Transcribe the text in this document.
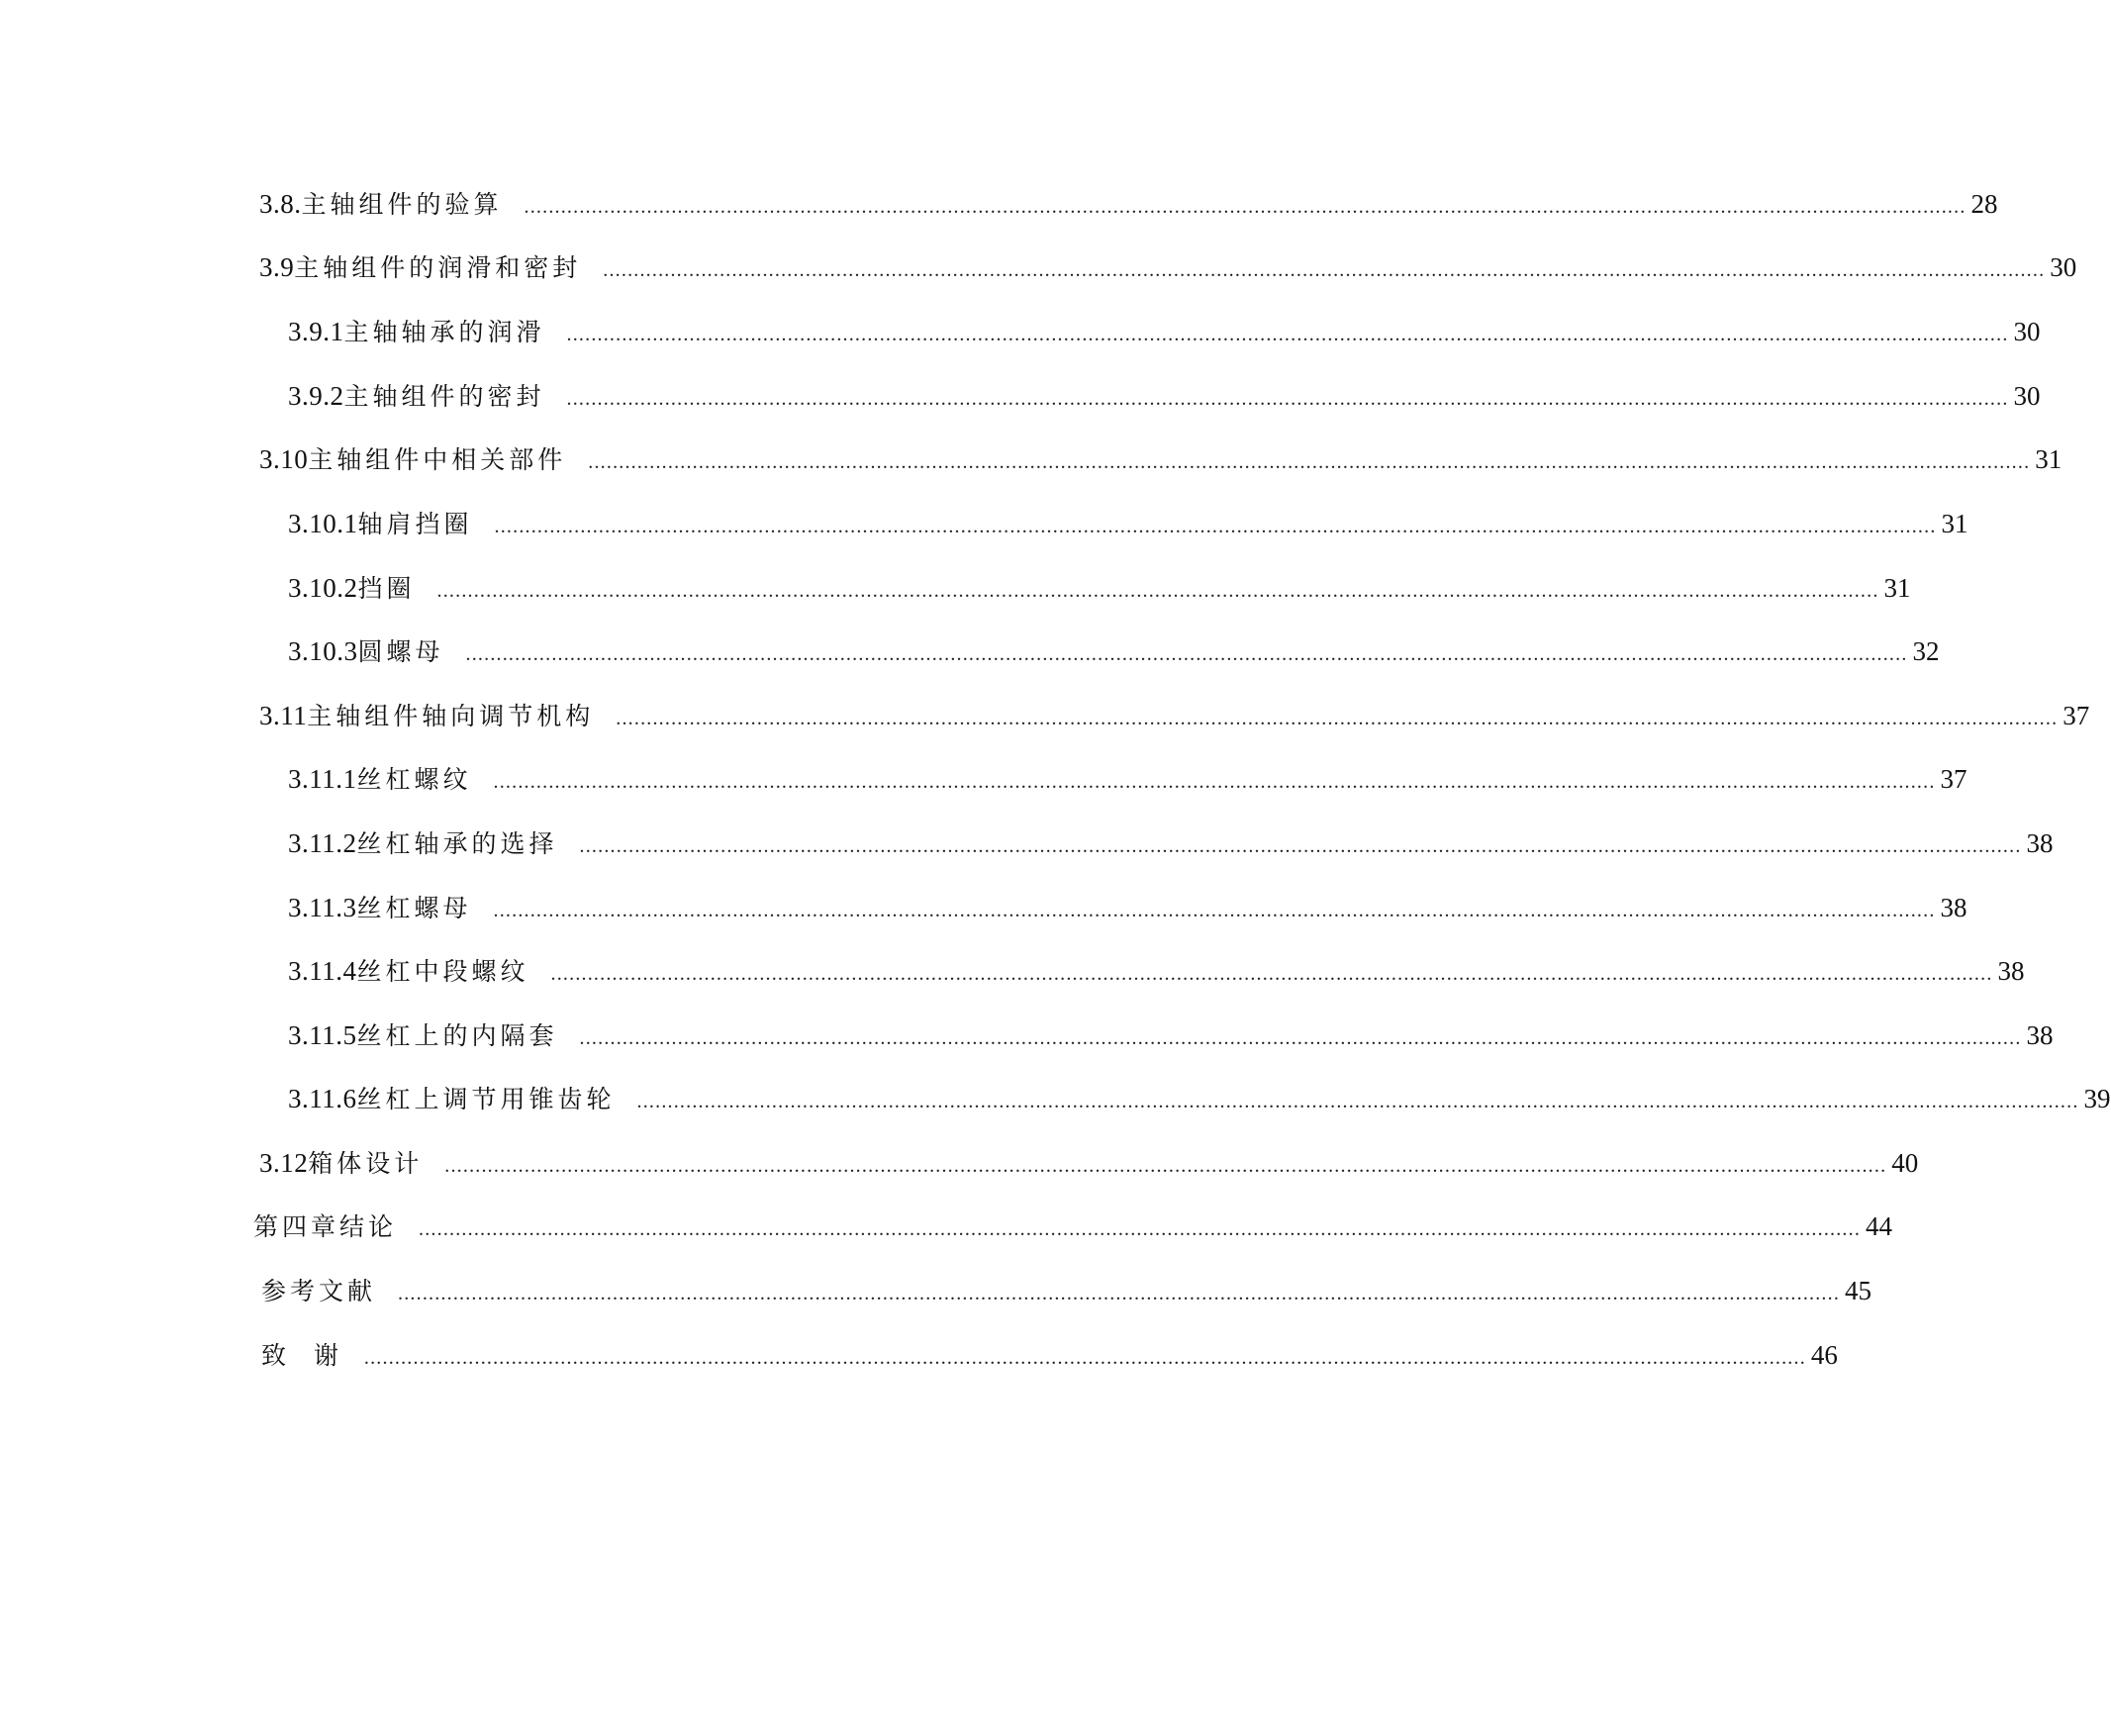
3.8. 主轴组件的验算 ........................................................................................................................................................................................................................................... 28
3.9 主轴组件的润滑和密封 ........................................................................................................................................................................................................................................... 30
3.9.1 主轴轴承的润滑 ........................................................................................................................................................................................................................................... 30
3.9.2 主轴组件的密封 ........................................................................................................................................................................................................................................... 30
3.10 主轴组件中相关部件 ........................................................................................................................................................................................................................................... 31
3.10.1 轴肩挡圈 ........................................................................................................................................................................................................................................... 31
3.10.2 挡圈 ........................................................................................................................................................................................................................................... 31
3.10.3 圆螺母 ........................................................................................................................................................................................................................................... 32
3.11 主轴组件轴向调节机构 ........................................................................................................................................................................................................................................... 37
3.11.1 丝杠螺纹 ........................................................................................................................................................................................................................................... 37
3.11.2 丝杠轴承的选择 ........................................................................................................................................................................................................................................... 38
3.11.3 丝杠螺母 ........................................................................................................................................................................................................................................... 38
3.11.4 丝杠中段螺纹 ........................................................................................................................................................................................................................................... 38
3.11.5 丝杠上的内隔套 ........................................................................................................................................................................................................................................... 38
3.11.6 丝杠上调节用锥齿轮 ........................................................................................................................................................................................................................................... 39
3.12 箱体设计 ........................................................................................................................................................................................................................................... 40
第四章结论 ........................................................................................................................................................................................................................................... 44
参考文献 ........................................................................................................................................................................................................................................... 45
致  谢 ........................................................................................................................................................................................................................................... 46
